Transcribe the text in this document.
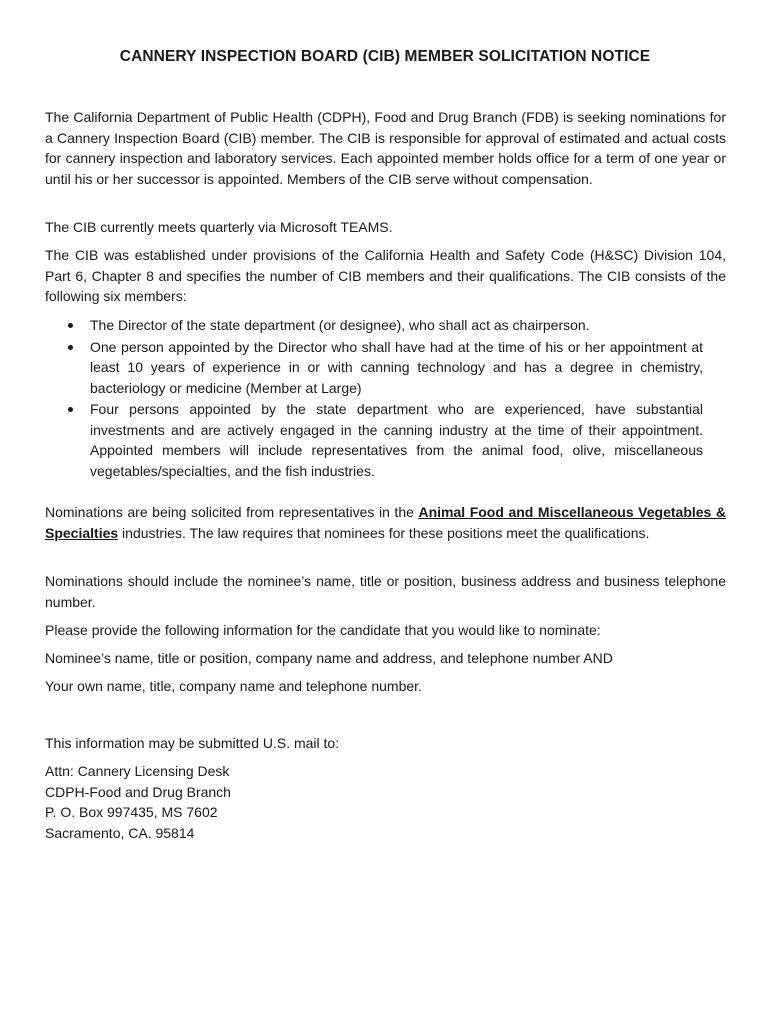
CANNERY INSPECTION BOARD (CIB) MEMBER SOLICITATION NOTICE

The California Department of Public Health (CDPH), Food and Drug Branch (FDB) is seeking nominations for a Cannery Inspection Board (CIB) member. The CIB is responsible for approval of estimated and actual costs for cannery inspection and laboratory services. Each appointed member holds office for a term of one year or until his or her successor is appointed. Members of the CIB serve without compensation.

The CIB currently meets quarterly via Microsoft TEAMS.

The CIB was established under provisions of the California Health and Safety Code (H&SC) Division 104, Part 6, Chapter 8 and specifies the number of CIB members and their qualifications. The CIB consists of the following six members:

The Director of the state department (or designee), who shall act as chairperson.
One person appointed by the Director who shall have had at the time of his or her appointment at least 10 years of experience in or with canning technology and has a degree in chemistry, bacteriology or medicine (Member at Large)
Four persons appointed by the state department who are experienced, have substantial investments and are actively engaged in the canning industry at the time of their appointment. Appointed members will include representatives from the animal food, olive, miscellaneous vegetables/specialties, and the fish industries.

Nominations are being solicited from representatives in the Animal Food and Miscellaneous Vegetables & Specialties industries. The law requires that nominees for these positions meet the qualifications.

Nominations should include the nominee’s name, title or position, business address and business telephone number.

Please provide the following information for the candidate that you would like to nominate:

Nominee’s name, title or position, company name and address, and telephone number AND

Your own name, title, company name and telephone number.

This information may be submitted U.S. mail to:

Attn: Cannery Licensing Desk
CDPH-Food and Drug Branch
P. O. Box 997435, MS 7602
Sacramento, CA. 95814
